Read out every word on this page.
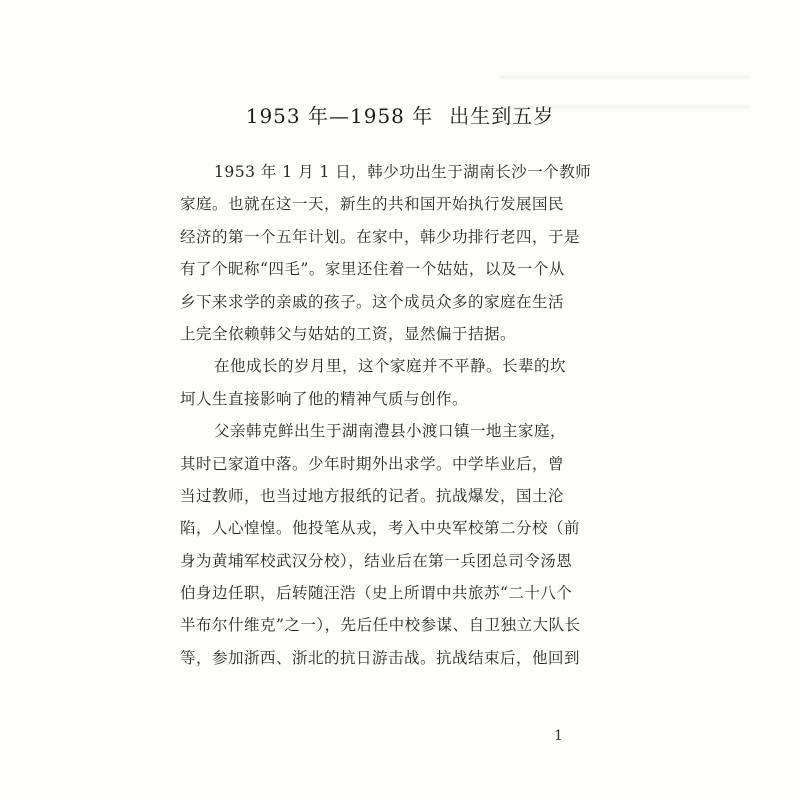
1953 年—1958 年 出生到五岁
1953 年 1 月 1 日，韩少功出生于湖南长沙一个教师
家庭。也就在这一天，新生的共和国开始执行发展国民
经济的第一个五年计划。在家中，韩少功排行老四，于是
有了个昵称“四毛”。家里还住着一个姑姑，以及一个从
乡下来求学的亲戚的孩子。这个成员众多的家庭在生活
上完全依赖韩父与姑姑的工资，显然偏于拮据。
在他成长的岁月里，这个家庭并不平静。长辈的坎
坷人生直接影响了他的精神气质与创作。
父亲韩克鲜出生于湖南澧县小渡口镇一地主家庭，
其时已家道中落。少年时期外出求学。中学毕业后，曾
当过教师，也当过地方报纸的记者。抗战爆发，国土沦
陷，人心惶惶。他投笔从戎，考入中央军校第二分校（前
身为黄埔军校武汉分校），结业后在第一兵团总司令汤恩
伯身边任职，后转随汪浩（史上所谓中共旅苏“二十八个
半布尔什维克”之一），先后任中校参谋、自卫独立大队长
等，参加浙西、浙北的抗日游击战。抗战结束后，他回到
1
